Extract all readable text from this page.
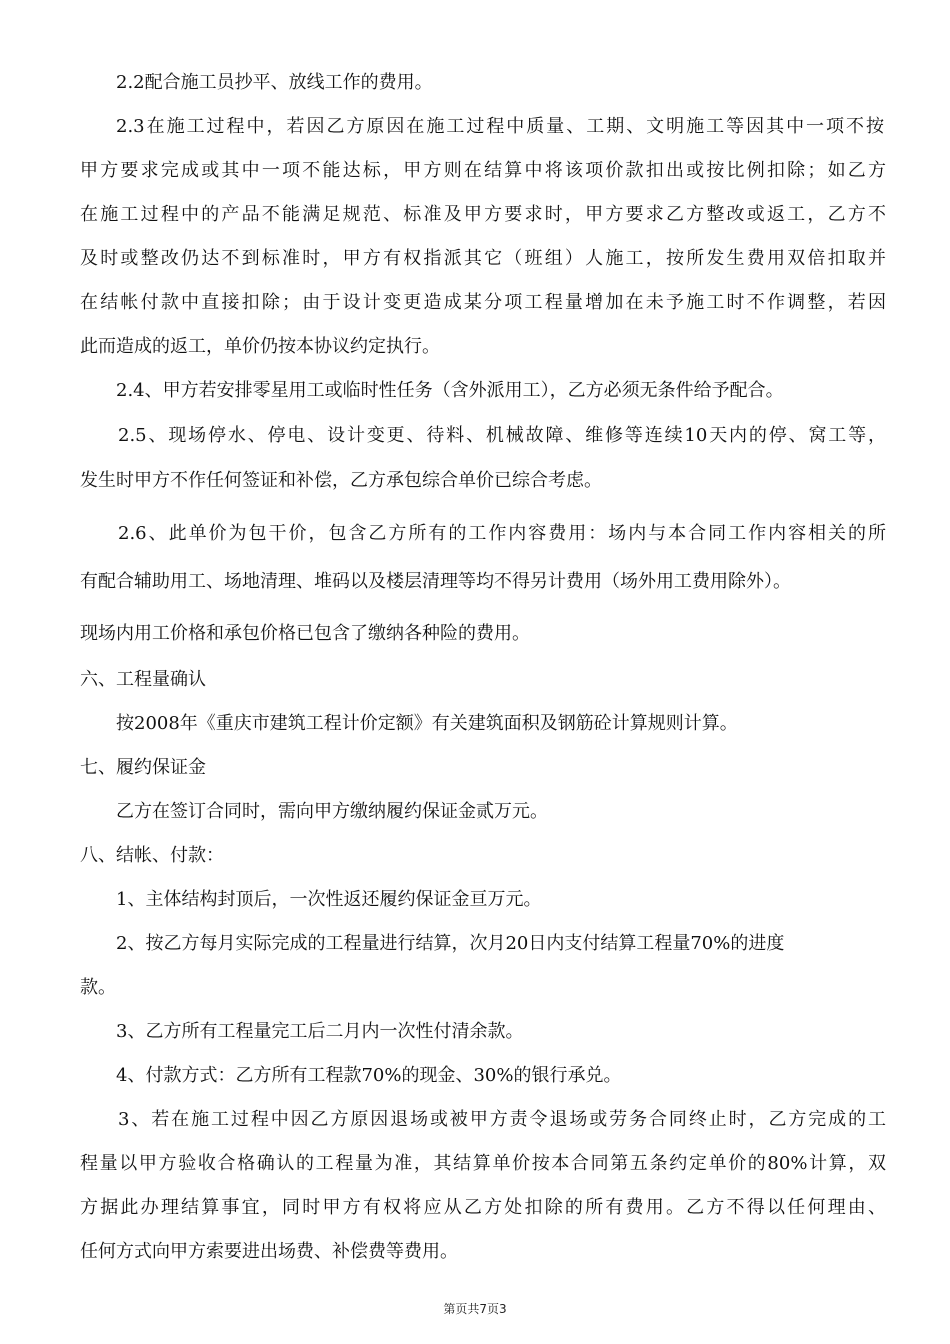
2.2配合施工员抄平、放线工作的费用。
2.3在施工过程中，若因乙方原因在施工过程中质量、工期、文明施工等因其中一项不按
甲方要求完成或其中一项不能达标，甲方则在结算中将该项价款扣出或按比例扣除；如乙方
在施工过程中的产品不能满足规范、标准及甲方要求时，甲方要求乙方整改或返工，乙方不
及时或整改仍达不到标准时，甲方有权指派其它（班组）人施工，按所发生费用双倍扣取并
在结帐付款中直接扣除；由于设计变更造成某分项工程量增加在未予施工时不作调整，若因
此而造成的返工，单价仍按本协议约定执行。
2.4、甲方若安排零星用工或临时性任务（含外派用工），乙方必须无条件给予配合。
2.5、现场停水、停电、设计变更、待料、机械故障、维修等连续10天内的停、窝工等，
发生时甲方不作任何签证和补偿，乙方承包综合单价已综合考虑。
2.6、此单价为包干价，包含乙方所有的工作内容费用：场内与本合同工作内容相关的所
有配合辅助用工、场地清理、堆码以及楼层清理等均不得另计费用（场外用工费用除外）。
现场内用工价格和承包价格已包含了缴纳各种险的费用。
六、工程量确认
按2008年《重庆市建筑工程计价定额》有关建筑面积及钢筋砼计算规则计算。
七、履约保证金
乙方在签订合同时，需向甲方缴纳履约保证金贰万元。
八、结帐、付款：
1、主体结构封顶后，一次性返还履约保证金亘万元。
2、按乙方每月实际完成的工程量进行结算，次月20日内支付结算工程量70%的进度
款。
3、乙方所有工程量完工后二月内一次性付清余款。
4、付款方式：乙方所有工程款70%的现金、30%的银行承兑。
3、若在施工过程中因乙方原因退场或被甲方责令退场或劳务合同终止时，乙方完成的工
程量以甲方验收合格确认的工程量为准，其结算单价按本合同第五条约定单价的80%计算，双
方据此办理结算事宜，同时甲方有权将应从乙方处扣除的所有费用。乙方不得以任何理由、
任何方式向甲方索要进出场费、补偿费等费用。
第页共7页3
